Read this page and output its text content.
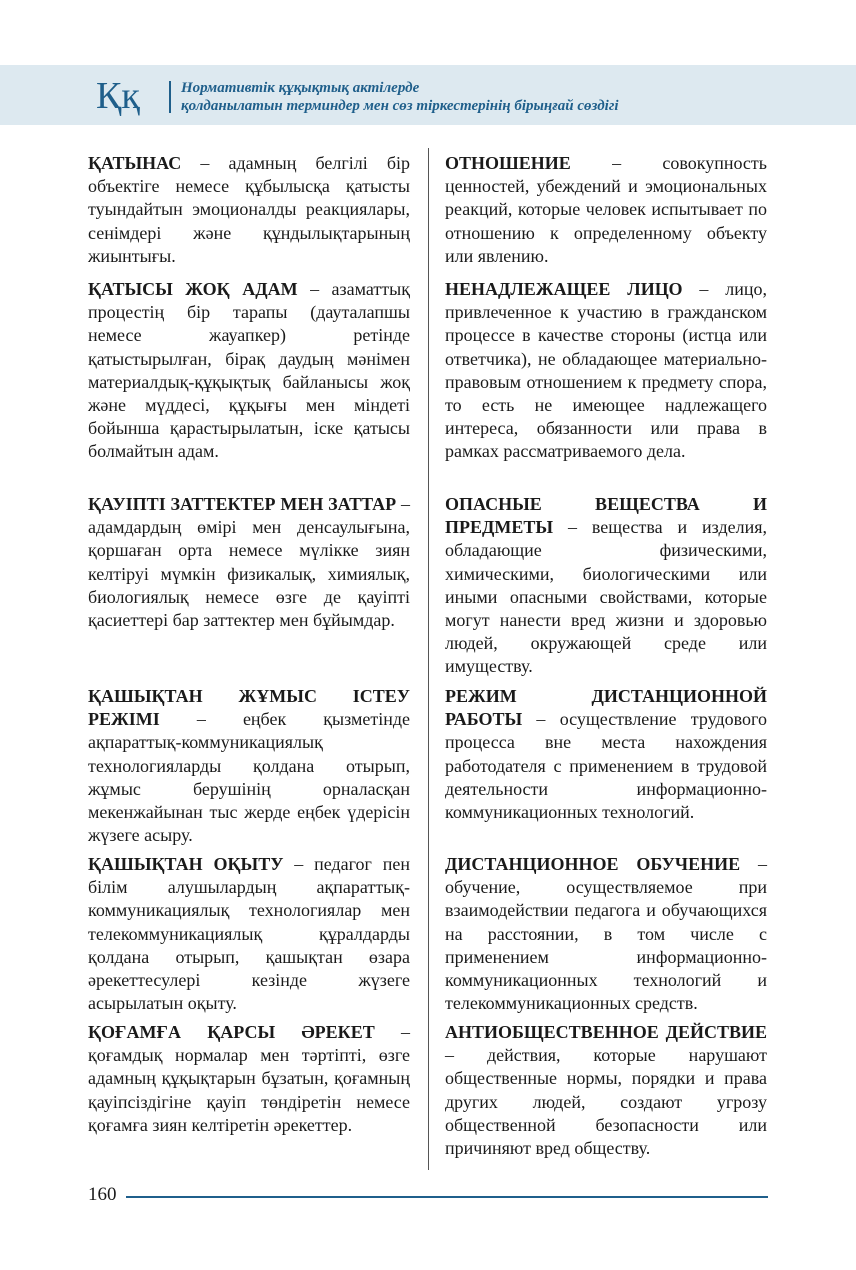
Ққ	Нормативтік құқықтық актілерде
қолданылатын терминдер мен сөз тіркестерінің бірыңғай сөздігі

ҚАТЫНАС – адамның белгілі бір объектіге немесе құбылысқа қатысты туындайтын эмоционалды реакциялары, сенімдері және құндылықтарының жиынтығы.

ҚАТЫСЫ ЖОҚ АДАМ – азаматтық процестің бір тарапы (дауталапшы немесе жауапкер) ретінде қатыстырылған, бірақ даудың мәнімен материалдық-құқықтық байланысы жоқ және мүддесі, құқығы мен міндеті бойынша қарастырылатын, іске қатысы болмайтын адам.

ҚАУІПТІ ЗАТТЕКТЕР МЕН ЗАТТАР – адамдардың өмірі мен денсаулығына, қоршаған орта немесе мүлікке зиян келтіруі мүмкін физикалық, химиялық, биологиялық немесе өзге де қауіпті қасиеттері бар заттектер мен бұйымдар.

ҚАШЫҚТАН ЖҰМЫС ІСТЕУ РЕЖІМІ – еңбек қызметінде ақпараттық-коммуникациялық технологияларды қолдана отырып, жұмыс берушінің орналасқан мекенжайынан тыс жерде еңбек үдерісін жүзеге асыру.

ҚАШЫҚТАН ОҚЫТУ – педагог пен білім алушылардың ақпараттық-коммуникациялық технологиялар мен телекоммуникациялық құралдарды қолдана отырып, қашықтан өзара әрекеттесулері кезінде жүзеге асырылатын оқыту.

ҚОҒАМҒА ҚАРСЫ ӘРЕКЕТ – қоғамдық нормалар мен тәртіпті, өзге адамның құқықтарын бұзатын, қоғамның қауіпсіздігіне қауіп төндіретін немесе қоғамға зиян келтіретін әрекеттер.

ОТНОШЕНИЕ – совокупность ценностей, убеждений и эмоциональных реакций, которые человек испытывает по отношению к определенному объекту или явлению.

НЕНАДЛЕЖАЩЕЕ ЛИЦО – лицо, привлеченное к участию в гражданском процессе в качестве стороны (истца или ответчика), не обладающее материально-правовым отношением к предмету спора, то есть не имеющее надлежащего интереса, обязанности или права в рамках рассматриваемого дела.

ОПАСНЫЕ ВЕЩЕСТВА И ПРЕДМЕТЫ – вещества и изделия, обладающие физическими, химическими, биологическими или иными опасными свойствами, которые могут нанести вред жизни и здоровью людей, окружающей среде или имуществу.

РЕЖИМ ДИСТАНЦИОННОЙ РАБОТЫ – осуществление трудового процесса вне места нахождения работодателя с применением в трудовой деятельности информационно-коммуникационных технологий.

ДИСТАНЦИОННОЕ ОБУЧЕНИЕ – обучение, осуществляемое при взаимодействии педагога и обучающихся на расстоянии, в том числе с применением информационно-коммуникационных технологий и телекоммуникационных средств.

АНТИОБЩЕСТВЕННОЕ ДЕЙСТВИЕ – действия, которые нарушают общественные нормы, порядки и права других людей, создают угрозу общественной безопасности или причиняют вред обществу.

160
